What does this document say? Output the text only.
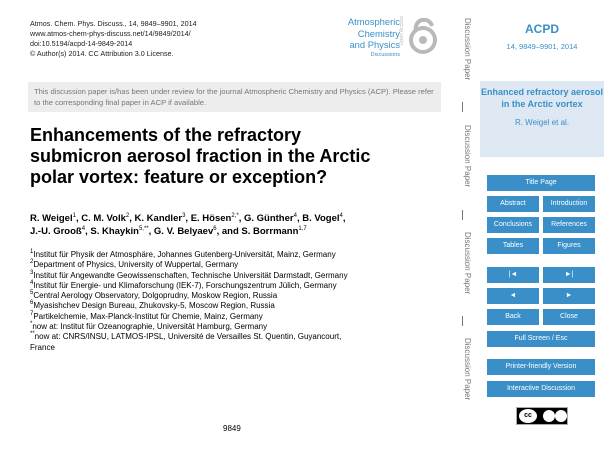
Atmos. Chem. Phys. Discuss., 14, 9849–9901, 2014
www.atmos-chem-phys-discuss.net/14/9849/2014/
doi:10.5194/acpd-14-9849-2014
© Author(s) 2014. CC Attribution 3.0 License.
Atmospheric
Chemistry
and Physics
Discussions
Open Access
This discussion paper is/has been under review for the journal Atmospheric Chemistry and Physics (ACP). Please refer to the corresponding final paper in ACP if available.
Enhancements of the refractory
submicron aerosol fraction in the Arctic
polar vortex: feature or exception?
R. Weigel$^1$, C. M. Volk$^2$, K. Kandler$^3$, E. Hösen$^{2,*}$, G. Günther$^4$, B. Vogel$^4$,
J.-U. Grooß$^4$, S. Khaykin$^{5,**}$, G. V. Belyaev$^6$, and S. Borrmann$^{1,7}$
$^1$Institut für Physik der Atmosphäre, Johannes Gutenberg-Universität, Mainz, Germany
$^2$Department of Physics, University of Wuppertal, Germany
$^3$Institut für Angewandte Geowissenschaften, Technische Universität Darmstadt, Germany
$^4$Institut für Energie- und Klimaforschung (IEK-7), Forschungszentrum Jülich, Germany
$^5$Central Aerology Observatory, Dolgoprudny, Moskow Region, Russia
$^6$Myasishchev Design Bureau, Zhukovsky-5, Moscow Region, Russia
$^7$Partikelchemie, Max-Planck-Institut für Chemie, Mainz, Germany
*now at: Institut für Ozeanographie, Universität Hamburg, Germany
**now at: CNRS/INSU, LATMOS-IPSL, Université de Versailles St. Quentin, Guyancourt,
France
9849
Discussion Paper
Discussion Paper
Discussion Paper
Discussion Paper
ACPD
14, 9849–9901, 2014
Enhanced refractory aerosol in the Arctic vortex
R. Weigel et al.
Title Page
Abstract	Introduction
Conclusions	References
Tables	Figures
|◄	►|
◄	►
Back	Close
Full Screen / Esc
Printer-friendly Version
Interactive Discussion
cc
